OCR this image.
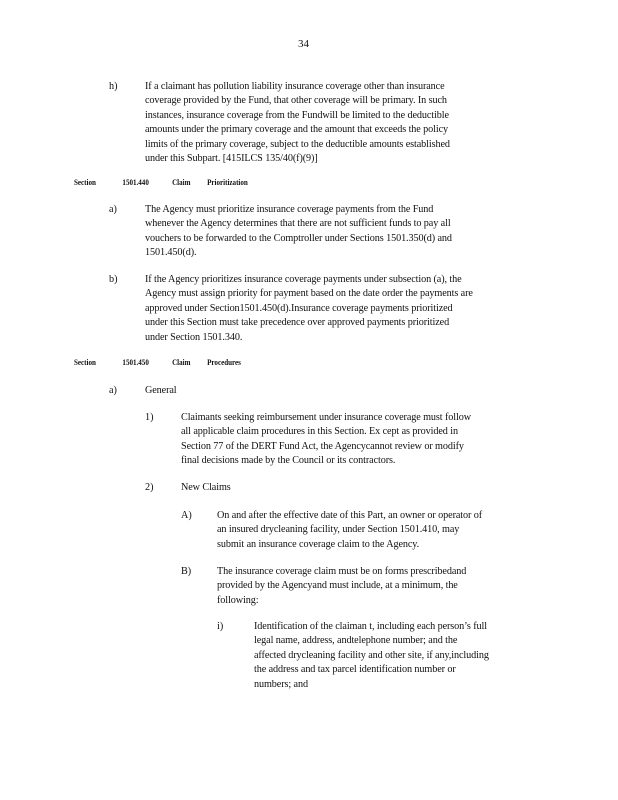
34
h)	If a claimant has pollution liability insurance coverage other than insurance
coverage provided by the Fund, that other coverage will be primary. In such
instances, insurance coverage from the Fundwill be limited to the deductible
amounts under the primary coverage and the amount that exceeds the policy
limits of the primary coverage, subject to the deductible amounts established
under this Subpart. [415ILCS 135/40(f)(9)]
Section	1501.440	Claim Prioritization
a)	The Agency must prioritize insurance coverage payments from the Fund
whenever the Agency determines that there are not sufficient funds to pay all
vouchers to be forwarded to the Comptroller under Sections 1501.350(d) and
1501.450(d).
b)	If the Agency prioritizes insurance coverage payments under subsection (a), the
Agency must assign priority for payment based on the date order the payments are
approved under Section1501.450(d).Insurance coverage payments prioritized
under this Section must take precedence over approved payments prioritized
under Section 1501.340.
Section	1501.450	Claim Procedures
a)	General
1)	Claimants seeking reimbursement under insurance coverage must follow
all applicable claim procedures in this Section. Ex cept as provided in
Section 77 of the DERT Fund Act, the Agencycannot review or modify
final decisions made by the Council or its contractors.
2)	New Claims
A) On and after the effective date of this Part, an owner or operator of
an insured drycleaning facility, under Section 1501.410, may
submit an insurance coverage claim to the Agency.
B)	The insurance coverage claim must be on forms prescribedand
provided by the Agencyand must include, at a minimum, the
following:
i)	Identification of the claiman t, including each person’s full
legal name, address, andtelephone number; and the
affected drycleaning facility and other site, if any,including
the address and tax parcel identification number or
numbers; and
